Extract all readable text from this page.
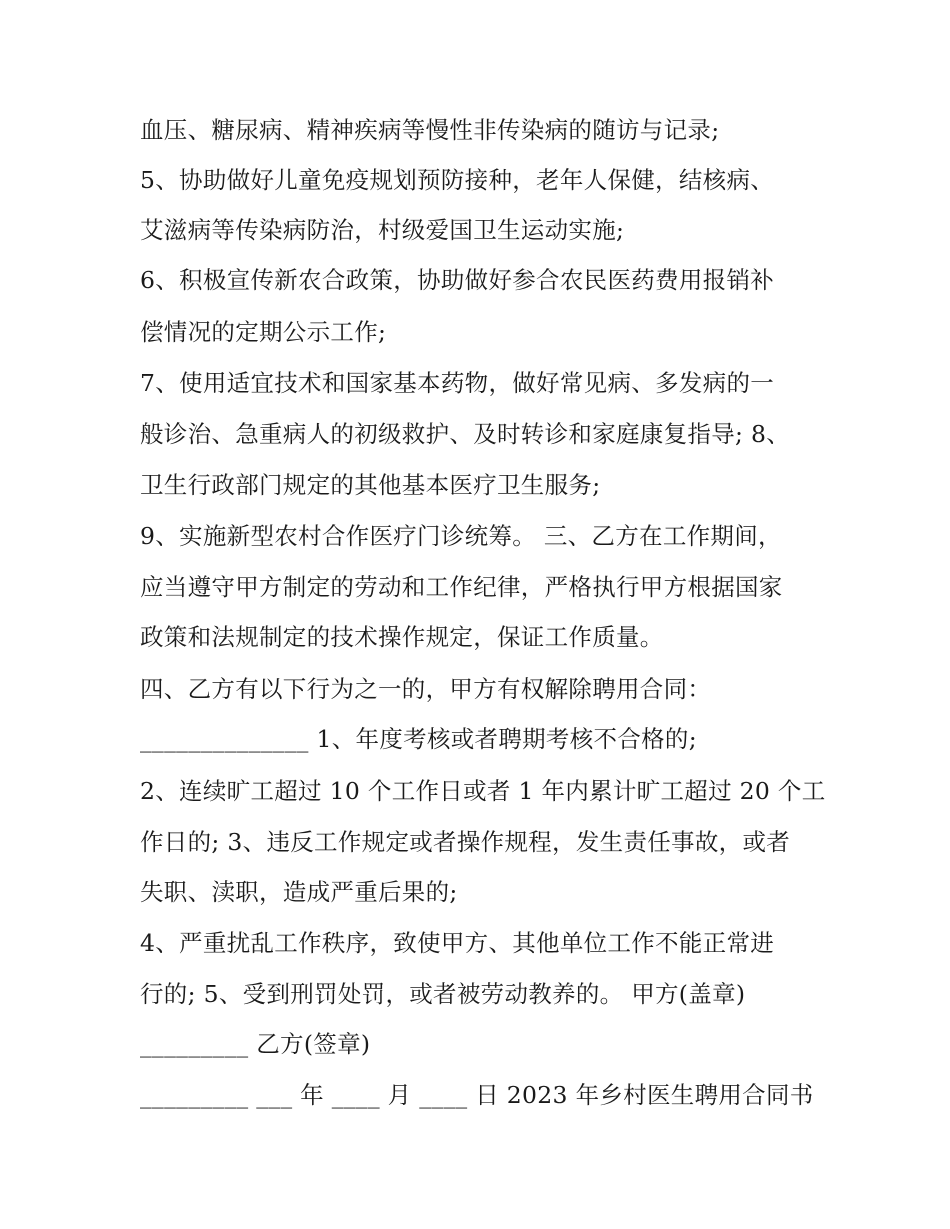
血压、糖尿病、精神疾病等慢性非传染病的随访与记录;
5、协助做好儿童免疫规划预防接种，老年人保健，结核病、
艾滋病等传染病防治，村级爱国卫生运动实施;
6、积极宣传新农合政策，协助做好参合农民医药费用报销补
偿情况的定期公示工作;
7、使用适宜技术和国家基本药物，做好常见病、多发病的一
般诊治、急重病人的初级救护、及时转诊和家庭康复指导; 8、
卫生行政部门规定的其他基本医疗卫生服务;
9、实施新型农村合作医疗门诊统筹。 三、乙方在工作期间，
应当遵守甲方制定的劳动和工作纪律，严格执行甲方根据国家
政策和法规制定的技术操作规定，保证工作质量。
四、乙方有以下行为之一的，甲方有权解除聘用合同：
______________ 1、年度考核或者聘期考核不合格的;
2、连续旷工超过 10 个工作日或者 1 年内累计旷工超过 20 个工
作日的; 3、违反工作规定或者操作规程，发生责任事故，或者
失职、渎职，造成严重后果的;
4、严重扰乱工作秩序，致使甲方、其他单位工作不能正常进
行的; 5、受到刑罚处罚，或者被劳动教养的。 甲方(盖章)
_________ 乙方(签章)
_________ ___ 年 ____ 月 ____ 日 2023 年乡村医生聘用合同书
